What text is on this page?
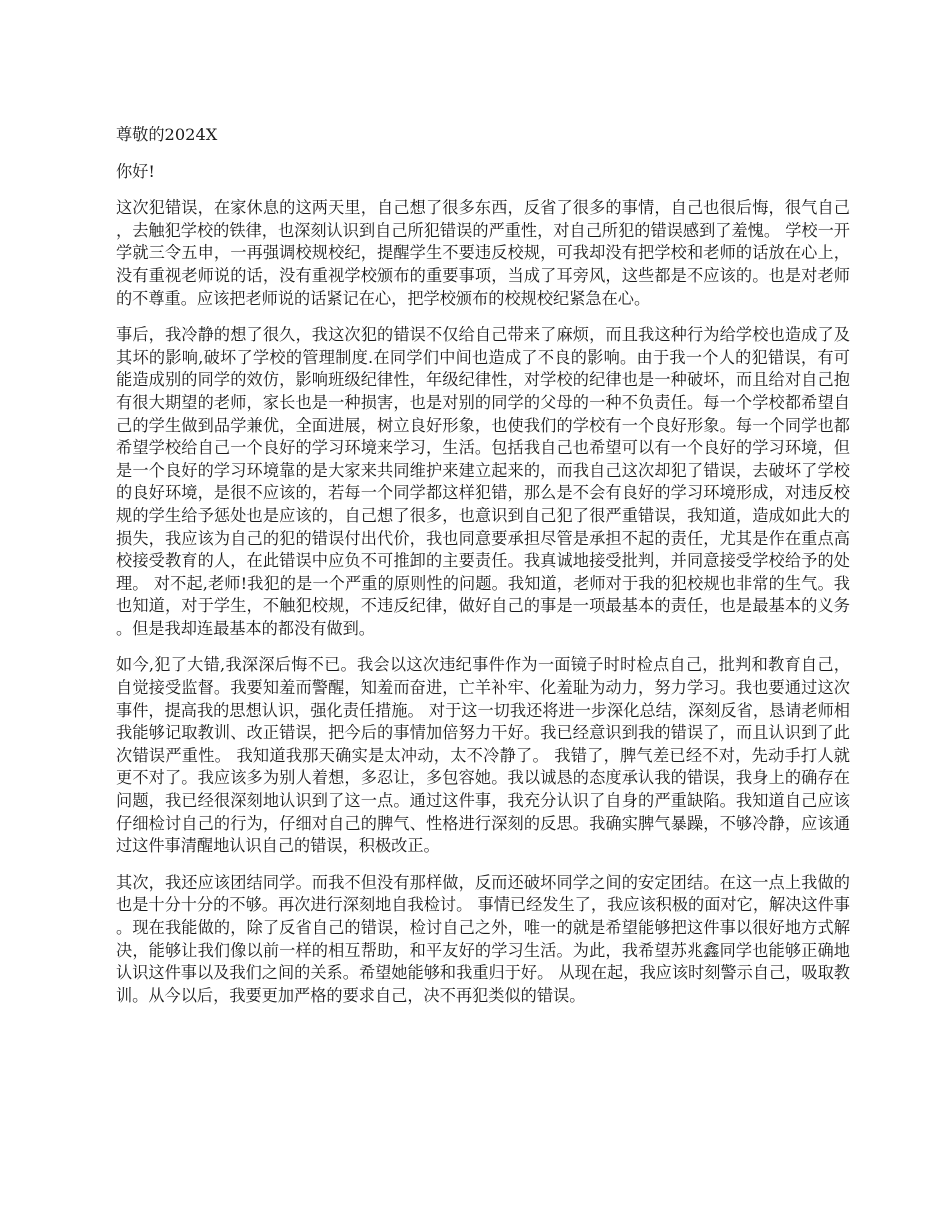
尊敬的2024X

你好!

这次犯错误，在家休息的这两天里，自己想了很多东西，反省了很多的事情，自己也很后悔，很气自己，去触犯学校的铁律，也深刻认识到自己所犯错误的严重性，对自己所犯的错误感到了羞愧。 学校一开学就三令五申，一再强调校规校纪，提醒学生不要违反校规，可我却没有把学校和老师的话放在心上，没有重视老师说的话，没有重视学校颁布的重要事项，当成了耳旁风，这些都是不应该的。也是对老师的不尊重。应该把老师说的话紧记在心，把学校颁布的校规校纪紧急在心。

事后，我冷静的想了很久，我这次犯的错误不仅给自己带来了麻烦，而且我这种行为给学校也造成了及其坏的影响,破坏了学校的管理制度.在同学们中间也造成了不良的影响。由于我一个人的犯错误，有可能造成别的同学的效仿，影响班级纪律性，年级纪律性，对学校的纪律也是一种破坏，而且给对自己抱有很大期望的老师，家长也是一种损害，也是对别的同学的父母的一种不负责任。每一个学校都希望自己的学生做到品学兼优，全面进展，树立良好形象，也使我们的学校有一个良好形象。每一个同学也都希望学校给自己一个良好的学习环境来学习，生活。包括我自己也希望可以有一个良好的学习环境，但是一个良好的学习环境靠的是大家来共同维护来建立起来的，而我自己这次却犯了错误，去破坏了学校的良好环境，是很不应该的，若每一个同学都这样犯错，那么是不会有良好的学习环境形成，对违反校规的学生给予惩处也是应该的，自己想了很多，也意识到自己犯了很严重错误，我知道，造成如此大的损失，我应该为自己的犯的错误付出代价，我也同意要承担尽管是承担不起的责任，尤其是作在重点高校接受教育的人，在此错误中应负不可推卸的主要责任。我真诚地接受批判，并同意接受学校给予的处理。 对不起,老师!我犯的是一个严重的原则性的问题。我知道，老师对于我的犯校规也非常的生气。我也知道，对于学生，不触犯校规，不违反纪律，做好自己的事是一项最基本的责任，也是最基本的义务。但是我却连最基本的都没有做到。

如今,犯了大错,我深深后悔不已。我会以这次违纪事件作为一面镜子时时检点自己，批判和教育自己，自觉接受监督。我要知羞而警醒，知羞而奋进，亡羊补牢、化羞耻为动力，努力学习。我也要通过这次事件，提高我的思想认识，强化责任措施。 对于这一切我还将进一步深化总结，深刻反省，恳请老师相我能够记取教训、改正错误，把今后的事情加倍努力干好。我已经意识到我的错误了，而且认识到了此次错误严重性。 我知道我那天确实是太冲动，太不冷静了。 我错了，脾气差已经不对，先动手打人就更不对了。我应该多为别人着想，多忍让，多包容她。我以诚恳的态度承认我的错误，我身上的确存在问题，我已经很深刻地认识到了这一点。通过这件事，我充分认识了自身的严重缺陷。我知道自己应该仔细检讨自己的行为，仔细对自己的脾气、性格进行深刻的反思。我确实脾气暴躁，不够冷静，应该通过这件事清醒地认识自己的错误，积极改正。

其次，我还应该团结同学。而我不但没有那样做，反而还破坏同学之间的安定团结。在这一点上我做的也是十分十分的不够。再次进行深刻地自我检讨。 事情已经发生了，我应该积极的面对它，解决这件事。现在我能做的，除了反省自己的错误，检讨自己之外，唯一的就是希望能够把这件事以很好地方式解决，能够让我们像以前一样的相互帮助，和平友好的学习生活。为此，我希望苏兆鑫同学也能够正确地认识这件事以及我们之间的关系。希望她能够和我重归于好。 从现在起，我应该时刻警示自己，吸取教训。从今以后，我要更加严格的要求自己，决不再犯类似的错误。
